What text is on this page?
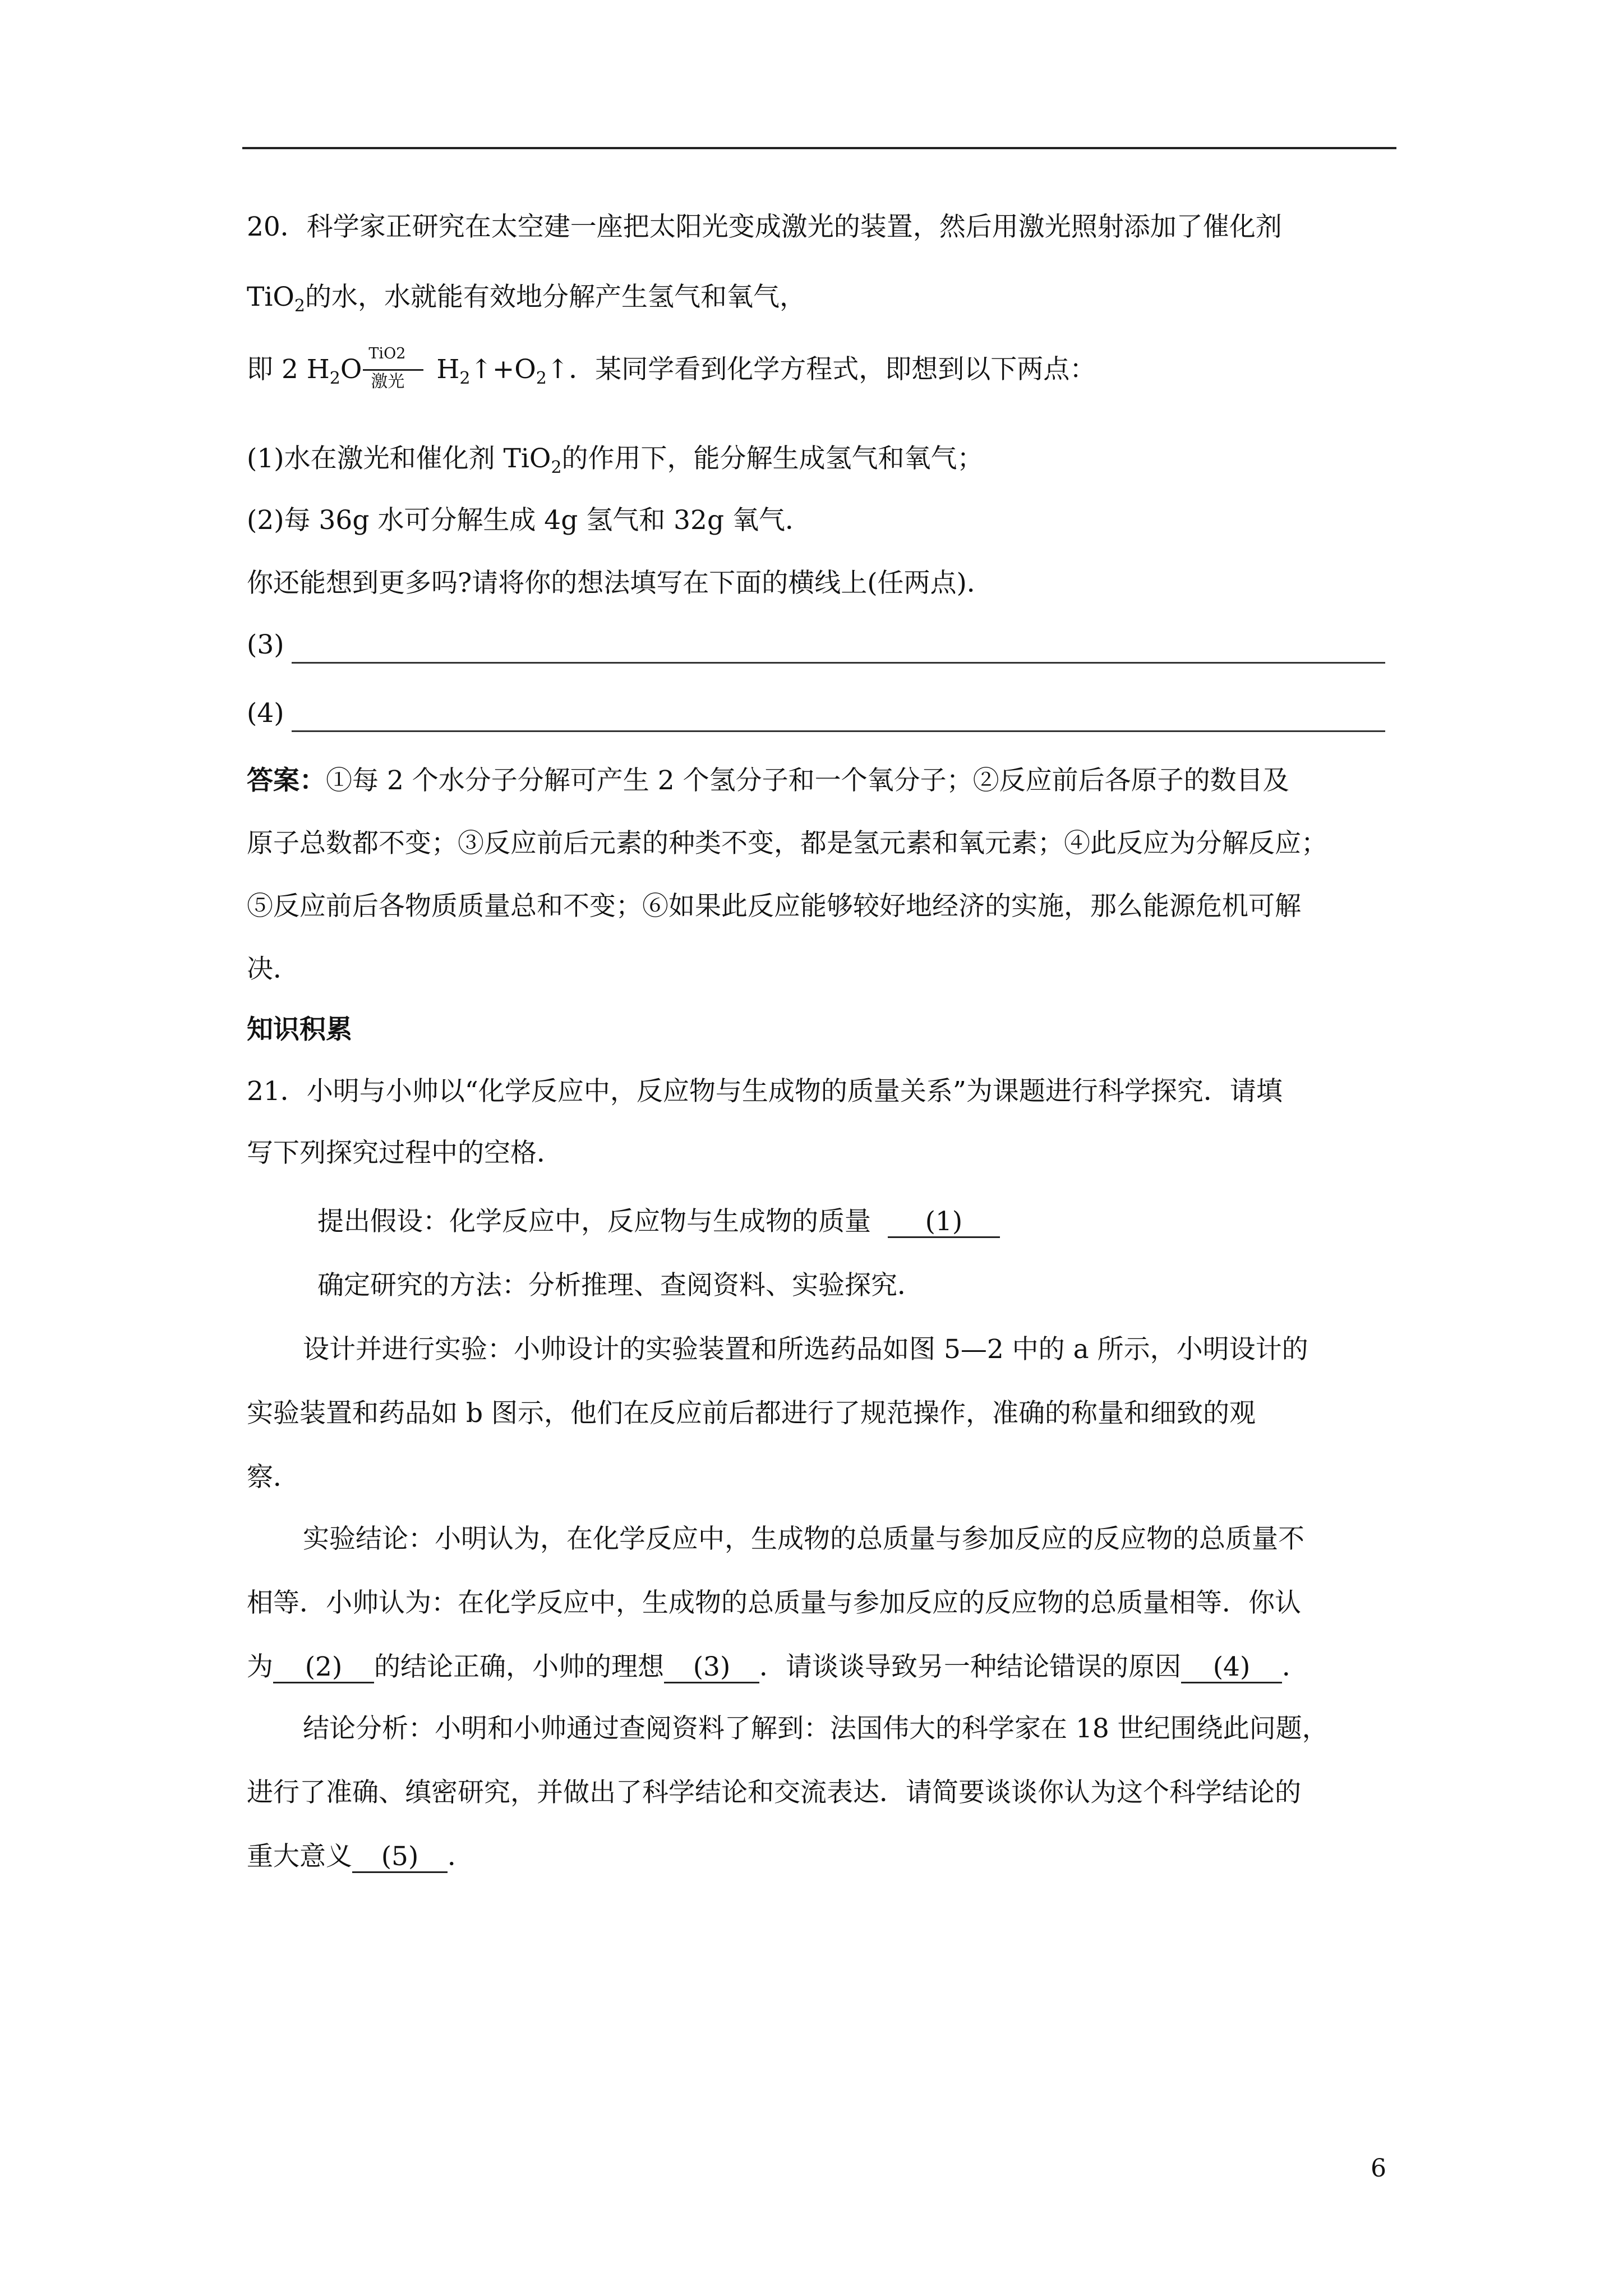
20．科学家正研究在太空建一座把太阳光变成激光的装置，然后用激光照射添加了催化剂
TiO$_2$的水，水就能有效地分解产生氢气和氧气，
即 2 $H_2O \frac{\text{TiO2}}{\text{激光}}$ $H_2↑+O_2↑$．某同学看到化学方程式，即想到以下两点：
(1)水在激光和催化剂 TiO$_2$的作用下，能分解生成氢气和氧气；
(2)每 36g 水可分解生成 4g 氢气和 32g 氧气．
你还能想到更多吗?请将你的想法填写在下面的横线上(任两点)．
(3)
(4)
答案：①每 2 个水分子分解可产生 2 个氢分子和一个氧分子；②反应前后各原子的数目及
原子总数都不变；③反应前后元素的种类不变，都是氢元素和氧元素；④此反应为分解反应；
⑤反应前后各物质质量总和不变；⑥如果此反应能够较好地经济的实施，那么能源危机可解
决．
知识积累
21．小明与小帅以“化学反应中，反应物与生成物的质量关系”为课题进行科学探究．请填
写下列探究过程中的空格．
提出假设：化学反应中，反应物与生成物的质量 (1)
确定研究的方法：分析推理、查阅资料、实验探究．
设计并进行实验：小帅设计的实验装置和所选药品如图 5—2 中的 a 所示，小明设计的
实验装置和药品如 b 图示，他们在反应前后都进行了规范操作，准确的称量和细致的观
察．
实验结论：小明认为，在化学反应中，生成物的总质量与参加反应的反应物的总质量不
相等．小帅认为：在化学反应中，生成物的总质量与参加反应的反应物的总质量相等．你认
为 (2) 的结论正确，小帅的理想 (3) ．请谈谈导致另一种结论错误的原因 (4) ．
结论分析：小明和小帅通过查阅资料了解到：法国伟大的科学家在 18 世纪围绕此问题，
进行了准确、缜密研究，并做出了科学结论和交流表达．请简要谈谈你认为这个科学结论的
重大意义 (5) ．
6
